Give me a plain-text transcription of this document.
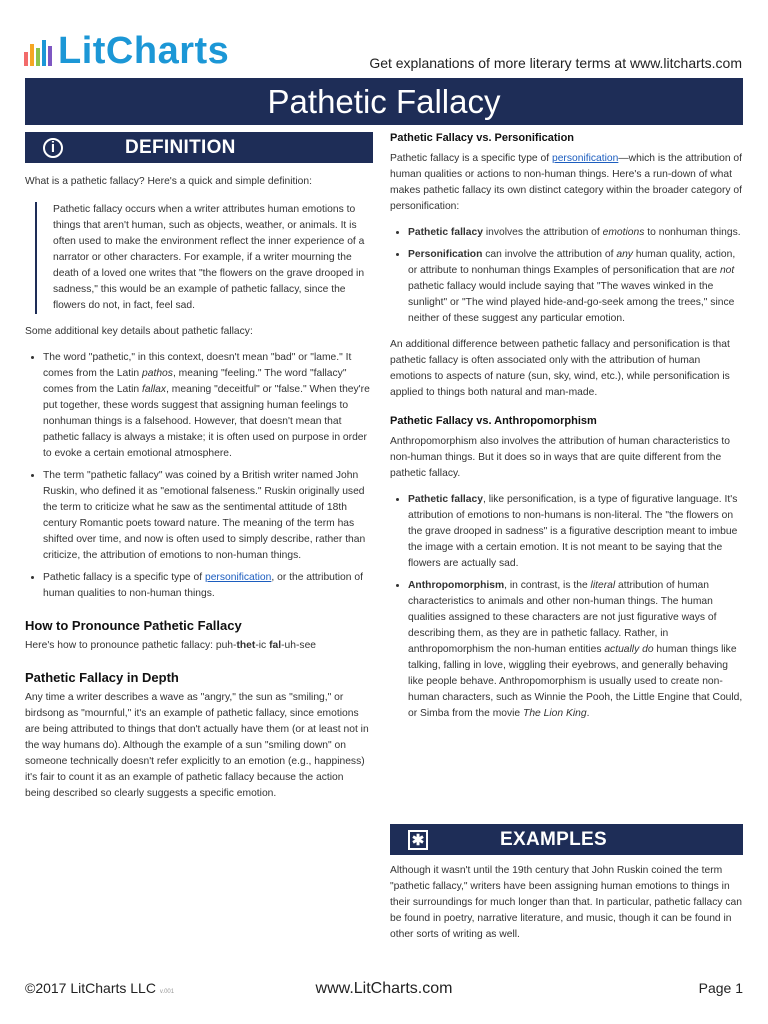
LitCharts	Get explanations of more literary terms at www.litcharts.com
Pathetic Fallacy
i	DEFINITION

What is a pathetic fallacy? Here's a quick and simple definition:

Pathetic fallacy occurs when a writer attributes human emotions to things that aren't human, such as objects, weather, or animals. It is often used to make the environment reflect the inner experience of a narrator or other characters. For example, if a writer mourning the death of a loved one writes that "the flowers on the grave drooped in sadness," this would be an example of pathetic fallacy, since the flowers do not, in fact, feel sad.

Some additional key details about pathetic fallacy:

• The word "pathetic," in this context, doesn't mean "bad" or "lame." It comes from the Latin pathos, meaning "feeling." The word "fallacy" comes from the Latin fallax, meaning "deceitful" or "false." When they're put together, these words suggest that assigning human feelings to nonhuman things is a falsehood. However, that doesn't mean that pathetic fallacy is always a mistake; it is often used on purpose in order to evoke a certain emotional atmosphere.
• The term "pathetic fallacy" was coined by a British writer named John Ruskin, who defined it as "emotional falseness." Ruskin originally used the term to criticize what he saw as the sentimental attitude of 18th century Romantic poets toward nature. The meaning of the term has shifted over time, and now is often used to simply describe, rather than criticize, the attribution of emotions to non-human things.
• Pathetic fallacy is a specific type of personification, or the attribution of human qualities to non-human things.
How to Pronounce Pathetic Fallacy

Here's how to pronounce pathetic fallacy: puh-thet-ic fal-uh-see

Pathetic Fallacy in Depth

Any time a writer describes a wave as "angry," the sun as "smiling," or birdsong as "mournful," it's an example of pathetic fallacy, since emotions are being attributed to things that don't actually have them (or at least not in the way humans do). Although the example of a sun "smiling down" on someone technically doesn't refer explicitly to an emotion (e.g., happiness) it's fair to count it as an example of pathetic fallacy because the action being described so clearly suggests a specific emotion.

Pathetic Fallacy vs. Personification

Pathetic fallacy is a specific type of personification—which is the attribution of human qualities or actions to non-human things. Here's a run-down of what makes pathetic fallacy its own distinct category within the broader category of personification:

• Pathetic fallacy involves the attribution of emotions to nonhuman things.
• Personification can involve the attribution of any human quality, action, or attribute to nonhuman things Examples of personification that are not pathetic fallacy would include saying that "The waves winked in the sunlight" or "The wind played hide-and-go-seek among the trees," since neither of these suggest any particular emotion.

An additional difference between pathetic fallacy and personification is that pathetic fallacy is often associated only with the attribution of human emotions to aspects of nature (sun, sky, wind, etc.), while personification is applied to things both natural and man-made.

Pathetic Fallacy vs. Anthropomorphism

Anthropomorphism also involves the attribution of human characteristics to non-human things. But it does so in ways that are quite different from the pathetic fallacy.

• Pathetic fallacy, like personification, is a type of figurative language. It's attribution of emotions to non-humans is non-literal. The "the flowers on the grave drooped in sadness" is a figurative description meant to imbue the image with a certain emotion. It is not meant to be saying that the flowers are actually sad.
• Anthropomorphism, in contrast, is the literal attribution of human characteristics to animals and other non-human things. The human qualities assigned to these characters are not just figurative ways of describing them, as they are in pathetic fallacy. Rather, in anthropomorphism the non-human entities actually do human things like talking, falling in love, wiggling their eyebrows, and generally behaving like people behave. Anthropomorphism is usually used to create non-human characters, such as Winnie the Pooh, the Little Engine that Could, or Simba from the movie The Lion King.
✱	EXAMPLES

Although it wasn't until the 19th century that John Ruskin coined the term "pathetic fallacy," writers have been assigning human emotions to things in their surroundings for much longer than that. In particular, pathetic fallacy can be found in poetry, narrative literature, and music, though it can be found in other sorts of writing as well.

©2017 LitCharts LLC v.001	www.LitCharts.com	Page 1
